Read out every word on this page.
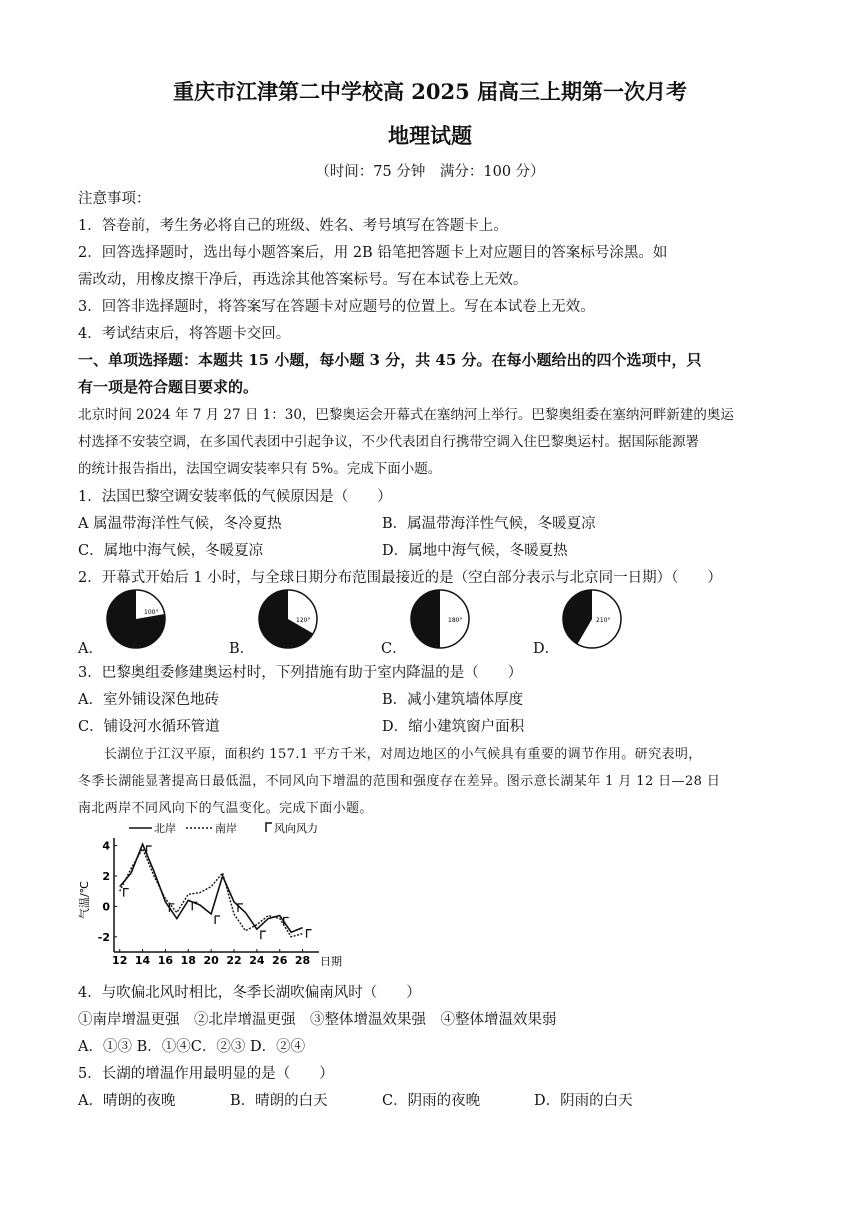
重庆市江津第二中学校高 2025 届高三上期第一次月考
地理试题
（时间：75 分钟　满分：100 分）
注意事项：
1．答卷前，考生务必将自己的班级、姓名、考号填写在答题卡上。
2．回答选择题时，选出每小题答案后，用 2B 铅笔把答题卡上对应题目的答案标号涂黑。如
需改动，用橡皮擦干净后，再选涂其他答案标号。写在本试卷上无效。
3．回答非选择题时，将答案写在答题卡对应题号的位置上。写在本试卷上无效。
4．考试结束后，将答题卡交回。
一、单项选择题：本题共 15 小题，每小题 3 分，共 45 分。在每小题给出的四个选项中，只
有一项是符合题目要求的。
北京时间 2024 年 7 月 27 日 1：30，巴黎奥运会开幕式在塞纳河上举行。巴黎奥组委在塞纳河畔新建的奥运
村选择不安装空调，在多国代表团中引起争议，不少代表团自行携带空调入住巴黎奥运村。据国际能源署
的统计报告指出，法国空调安装率只有 5%。完成下面小题。
1．法国巴黎空调安装率低的气候原因是（　　）
A 属温带海洋性气候，冬冷夏热	B．属温带海洋性气候，冬暖夏凉
C．属地中海气候，冬暖夏凉	D．属地中海气候，冬暖夏热
2．开幕式开始后 1 小时，与全球日期分布范围最接近的是（空白部分表示与北京同一日期）（　　）
A．
100°
B．
120°
C．
180°
D．
210°
3．巴黎奥组委修建奥运村时，下列措施有助于室内降温的是（　　）
A．室外铺设深色地砖	B．减小建筑墙体厚度
C．铺设河水循环管道	D．缩小建筑窗户面积
长湖位于江汉平原，面积约 157.1 平方千米，对周边地区的小气候具有重要的调节作用。研究表明，
冬季长湖能显著提高日最低温，不同风向下增温的范围和强度存在差异。图示意长湖某年 1 月 12 日—28 日
南北两岸不同风向下的气温变化。完成下面小题。
北岸	南岸	风向风力
气温/℃
日期
12 14 16 18 20 22 24 26 28
4
2
0
-2
4．与吹偏北风时相比，冬季长湖吹偏南风时（　　）
①南岸增温更强　②北岸增温更强　③整体增温效果强　④整体增温效果弱
A．①③ B．①④C．②③ D．②④
5．长湖的增温作用最明显的是（　　）
A．晴朗的夜晚	B．晴朗的白天	C．阴雨的夜晚	D．阴雨的白天
